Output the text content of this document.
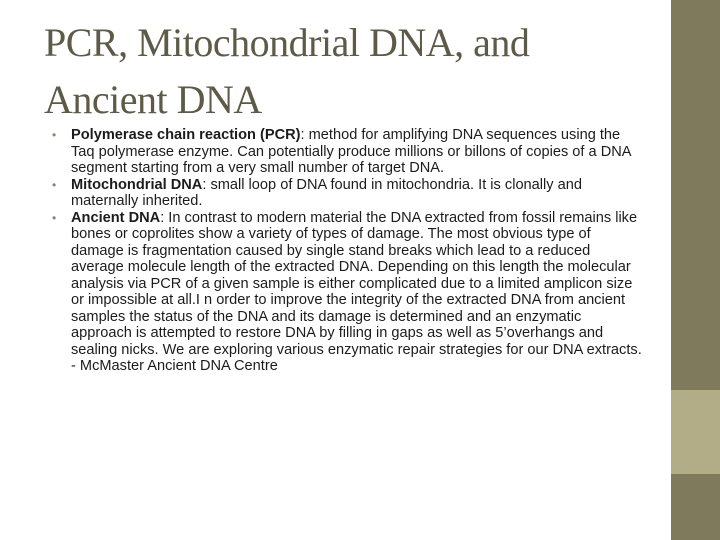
PCR, Mitochondrial DNA, and Ancient DNA
• Polymerase chain reaction (PCR): method for amplifying DNA sequences using the Taq polymerase enzyme. Can potentially produce millions or billons of copies of a DNA segment starting from a very small number of target DNA.
• Mitochondrial DNA: small loop of DNA found in mitochondria. It is clonally and maternally inherited.
• Ancient DNA: In contrast to modern material the DNA extracted from fossil remains like bones or coprolites show a variety of types of damage. The most obvious type of damage is fragmentation caused by single stand breaks which lead to a reduced average molecule length of the extracted DNA. Depending on this length the molecular analysis via PCR of a given sample is either complicated due to a limited amplicon size or impossible at all.I n order to improve the integrity of the extracted DNA from ancient samples the status of the DNA and its damage is determined and an enzymatic approach is attempted to restore DNA by filling in gaps as well as 5’overhangs and sealing nicks. We are exploring various enzymatic repair strategies for our DNA extracts. - McMaster Ancient DNA Centre
